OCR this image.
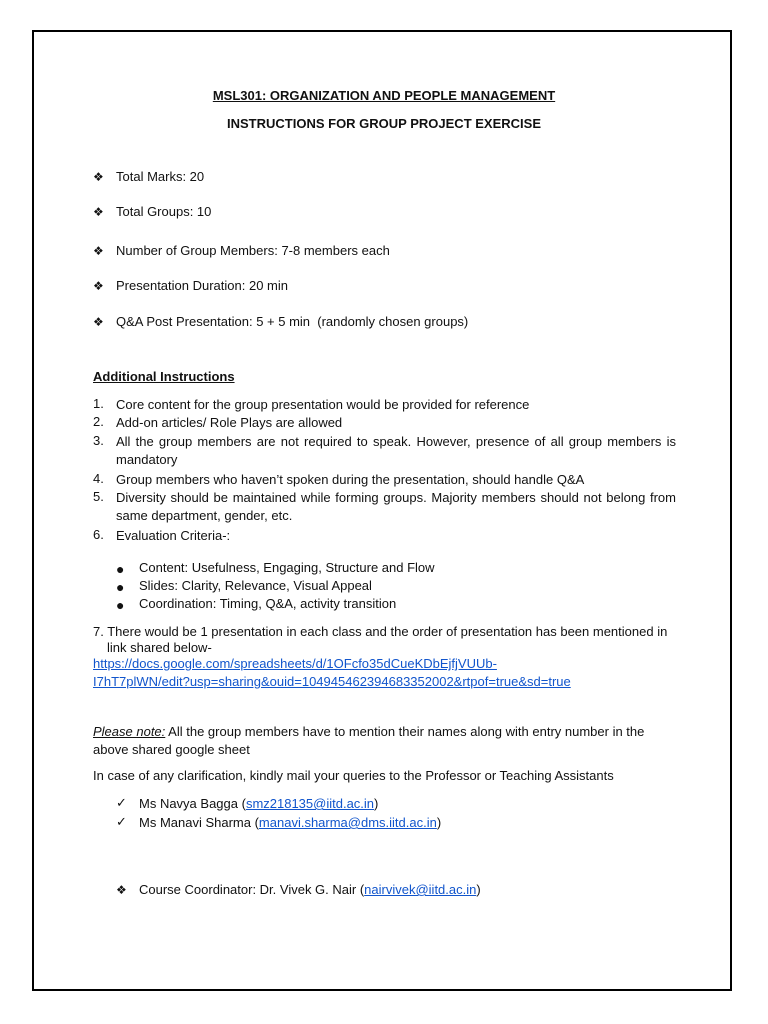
MSL301: ORGANIZATION AND PEOPLE MANAGEMENT
INSTRUCTIONS FOR GROUP PROJECT EXERCISE
❖ Total Marks: 20
❖ Total Groups: 10
❖ Number of Group Members: 7-8 members each
❖ Presentation Duration: 20 min
❖ Q&A Post Presentation: 5 + 5 min  (randomly chosen groups)
Additional Instructions
1. Core content for the group presentation would be provided for reference
2. Add-on articles/ Role Plays are allowed
3. All the group members are not required to speak. However, presence of all group members is mandatory
4. Group members who haven’t spoken during the presentation, should handle Q&A
5. Diversity should be maintained while forming groups. Majority members should not belong from same department, gender, etc.
6. Evaluation Criteria-:
● Content: Usefulness, Engaging, Structure and Flow
● Slides: Clarity, Relevance, Visual Appeal
● Coordination: Timing, Q&A, activity transition
7. There would be 1 presentation in each class and the order of presentation has been mentioned in
link shared below-
https://docs.google.com/spreadsheets/d/1OFcfo35dCueKDbEjfjVUUb-
I7hT7plWN/edit?usp=sharing&ouid=104945462394683352002&rtpof=true&sd=true
Please note: All the group members have to mention their names along with entry number in the above shared google sheet
In case of any clarification, kindly mail your queries to the Professor or Teaching Assistants
✓ Ms Navya Bagga (smz218135@iitd.ac.in)
✓ Ms Manavi Sharma (manavi.sharma@dms.iitd.ac.in)
❖ Course Coordinator: Dr. Vivek G. Nair (nairvivek@iitd.ac.in)
